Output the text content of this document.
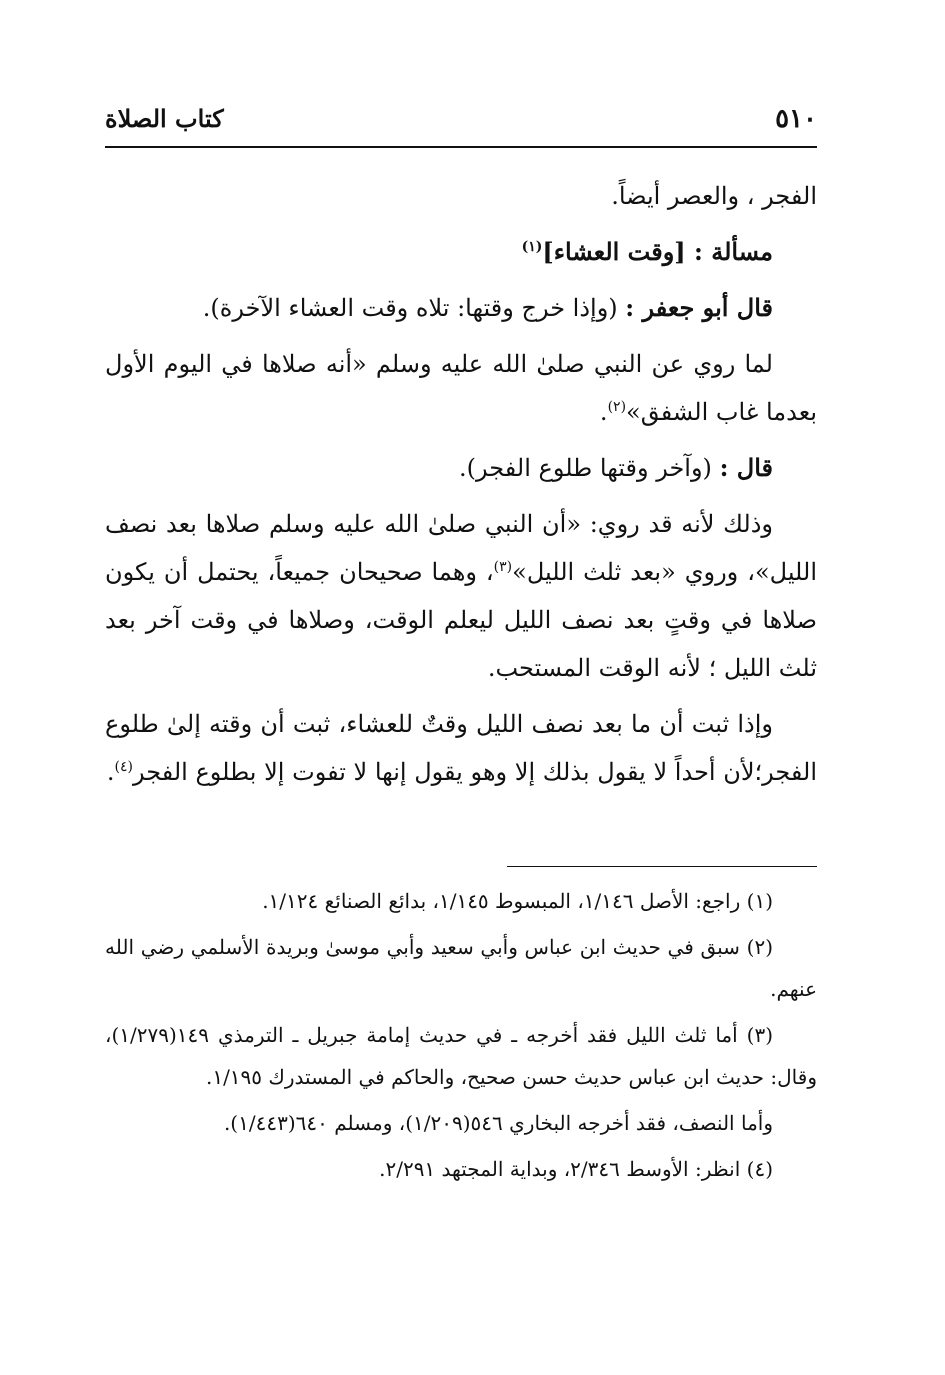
٥١٠
كتاب الصلاة

الفجر ، والعصر أيضاً.

مسألة : [وقت العشاء]$^{(١)}$

قال أبو جعفر : (وإذا خرج وقتها: تلاه وقت العشاء الآخرة).

لما روي عن النبي صلىٰ الله عليه وسلم «أنه صلاها في اليوم الأول بعدما غاب الشفق»$^{(٢)}$.

قال : (وآخر وقتها طلوع الفجر).

وذلك لأنه قد روي: «أن النبي صلىٰ الله عليه وسلم صلاها بعد نصف الليل»، وروي «بعد ثلث الليل»$^{(٣)}$، وهما صحيحان جميعاً، يحتمل أن يكون صلاها في وقتٍ بعد نصف الليل ليعلم الوقت، وصلاها في وقت آخر بعد ثلث الليل ؛ لأنه الوقت المستحب.

وإذا ثبت أن ما بعد نصف الليل وقتٌ للعشاء، ثبت أن وقته إلىٰ طلوع الفجر؛لأن أحداً لا يقول بذلك إلا وهو يقول إنها لا تفوت إلا بطلوع الفجر$^{(٤)}$.

(١) راجع: الأصل ١/١٤٦، المبسوط ١/١٤٥، بدائع الصنائع ١/١٢٤.

(٢) سبق في حديث ابن عباس وأبي سعيد وأبي موسىٰ وبريدة الأسلمي رضي الله عنهم.

(٣) أما ثلث الليل فقد أخرجه ـ في حديث إمامة جبريل ـ الترمذي ١٤٩(١/٢٧٩)، وقال: حديث ابن عباس حديث حسن صحيح، والحاكم في المستدرك ١/١٩٥.

وأما النصف، فقد أخرجه البخاري ٥٤٦(١/٢٠٩)، ومسلم ٦٤٠(١/٤٤٣).

(٤) انظر: الأوسط ٢/٣٤٦، وبداية المجتهد ٢/٢٩١.
